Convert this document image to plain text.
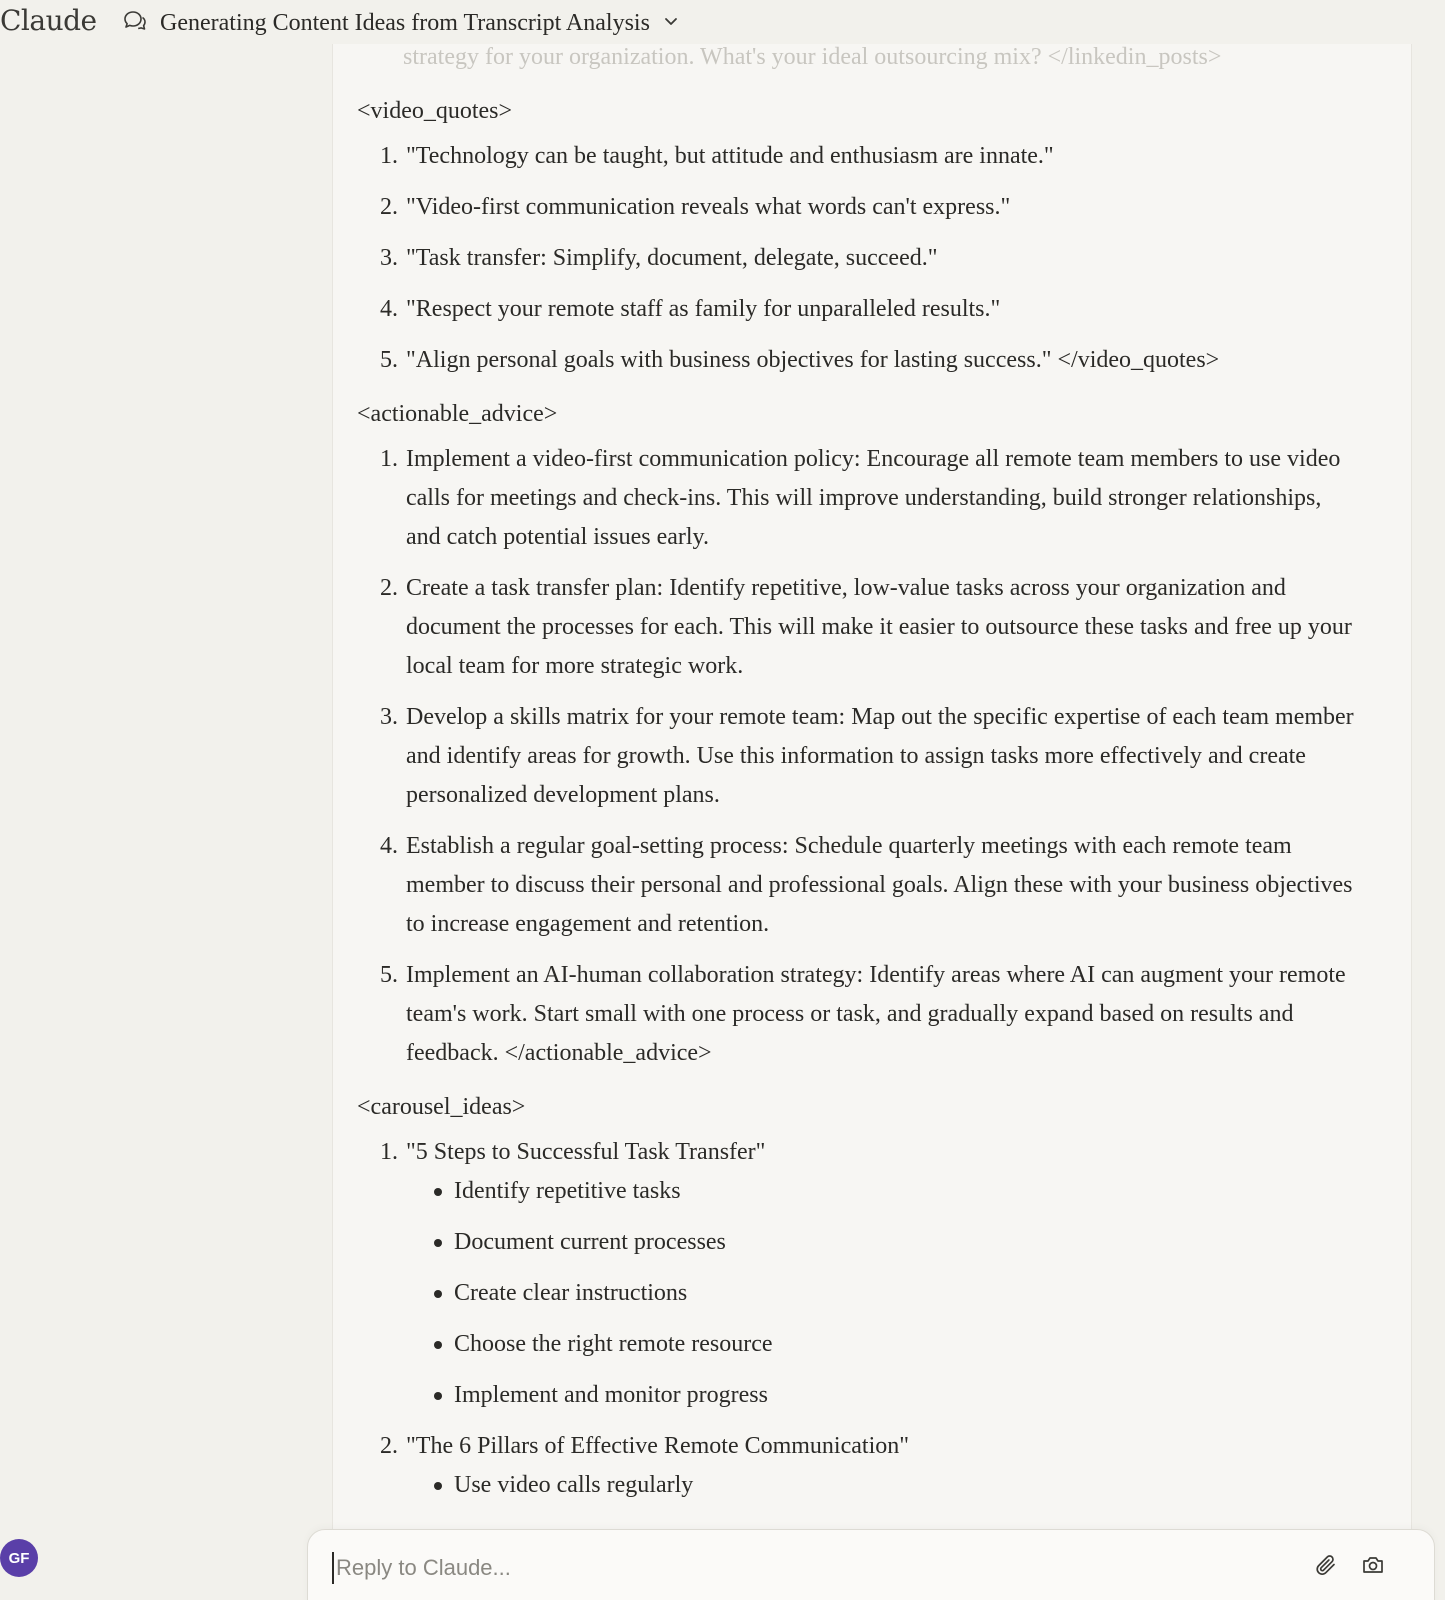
Claude	Generating Content Ideas from Transcript Analysis
strategy for your organization. What's your ideal outsourcing mix? </linkedin_posts>

<video_quotes>

1. "Technology can be taught, but attitude and enthusiasm are innate."
2. "Video-first communication reveals what words can't express."
3. "Task transfer: Simplify, document, delegate, succeed."
4. "Respect your remote staff as family for unparalleled results."
5. "Align personal goals with business objectives for lasting success." </video_quotes>

<actionable_advice>

1. Implement a video-first communication policy: Encourage all remote team members to use video calls for meetings and check-ins. This will improve understanding, build stronger relationships, and catch potential issues early.
2. Create a task transfer plan: Identify repetitive, low-value tasks across your organization and document the processes for each. This will make it easier to outsource these tasks and free up your local team for more strategic work.
3. Develop a skills matrix for your remote team: Map out the specific expertise of each team member and identify areas for growth. Use this information to assign tasks more effectively and create personalized development plans.
4. Establish a regular goal-setting process: Schedule quarterly meetings with each remote team member to discuss their personal and professional goals. Align these with your business objectives to increase engagement and retention.
5. Implement an AI-human collaboration strategy: Identify areas where AI can augment your remote team's work. Start small with one process or task, and gradually expand based on results and feedback. </actionable_advice>

<carousel_ideas>

1. "5 Steps to Successful Task Transfer"
Identify repetitive tasks
Document current processes
Create clear instructions
Choose the right remote resource
Implement and monitor progress
2. "The 6 Pillars of Effective Remote Communication"
Use video calls regularly
GF
Reply to Claude...
